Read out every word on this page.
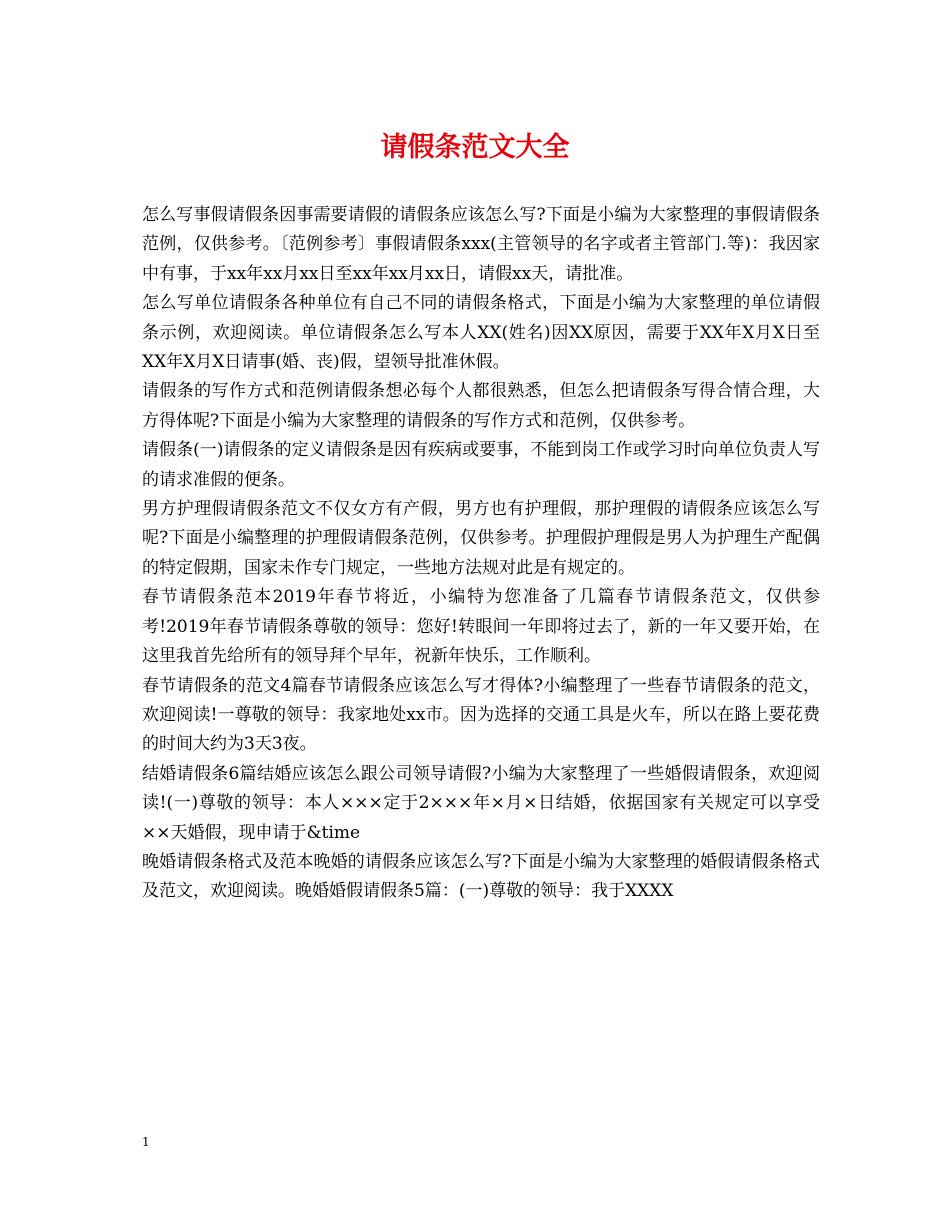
请假条范文大全

怎么写事假请假条因事需要请假的请假条应该怎么写?下面是小编为大家整理的事假请假条范例，仅供参考。〔范例参考〕事假请假条xxx(主管领导的名字或者主管部门.等)：我因家中有事，于xx年xx月xx日至xx年xx月xx日，请假xx天，请批准。

怎么写单位请假条各种单位有自己不同的请假条格式，下面是小编为大家整理的单位请假条示例，欢迎阅读。单位请假条怎么写本人XX(姓名)因XX原因，需要于XX年X月X日至XX年X月X日请事(婚、丧)假，望领导批准休假。

请假条的写作方式和范例请假条想必每个人都很熟悉，但怎么把请假条写得合情合理，大方得体呢?下面是小编为大家整理的请假条的写作方式和范例，仅供参考。

请假条(一)请假条的定义请假条是因有疾病或要事，不能到岗工作或学习时向单位负责人写的请求准假的便条。

男方护理假请假条范文不仅女方有产假，男方也有护理假，那护理假的请假条应该怎么写呢?下面是小编整理的护理假请假条范例，仅供参考。护理假护理假是男人为护理生产配偶的特定假期，国家未作专门规定，一些地方法规对此是有规定的。

春节请假条范本2019年春节将近，小编特为您准备了几篇春节请假条范文，仅供参考!2019年春节请假条尊敬的领导：您好!转眼间一年即将过去了，新的一年又要开始，在这里我首先给所有的领导拜个早年，祝新年快乐，工作顺利。

春节请假条的范文4篇春节请假条应该怎么写才得体?小编整理了一些春节请假条的范文，欢迎阅读!一尊敬的领导：我家地处xx市。因为选择的交通工具是火车，所以在路上要花费的时间大约为3天3夜。

结婚请假条6篇结婚应该怎么跟公司领导请假?小编为大家整理了一些婚假请假条，欢迎阅读!(一)尊敬的领导：本人×××定于2×××年×月×日结婚，依据国家有关规定可以享受××天婚假，现申请于&time

晚婚请假条格式及范本晚婚的请假条应该怎么写?下面是小编为大家整理的婚假请假条格式及范文，欢迎阅读。晚婚婚假请假条5篇：(一)尊敬的领导：我于XXXX

1
